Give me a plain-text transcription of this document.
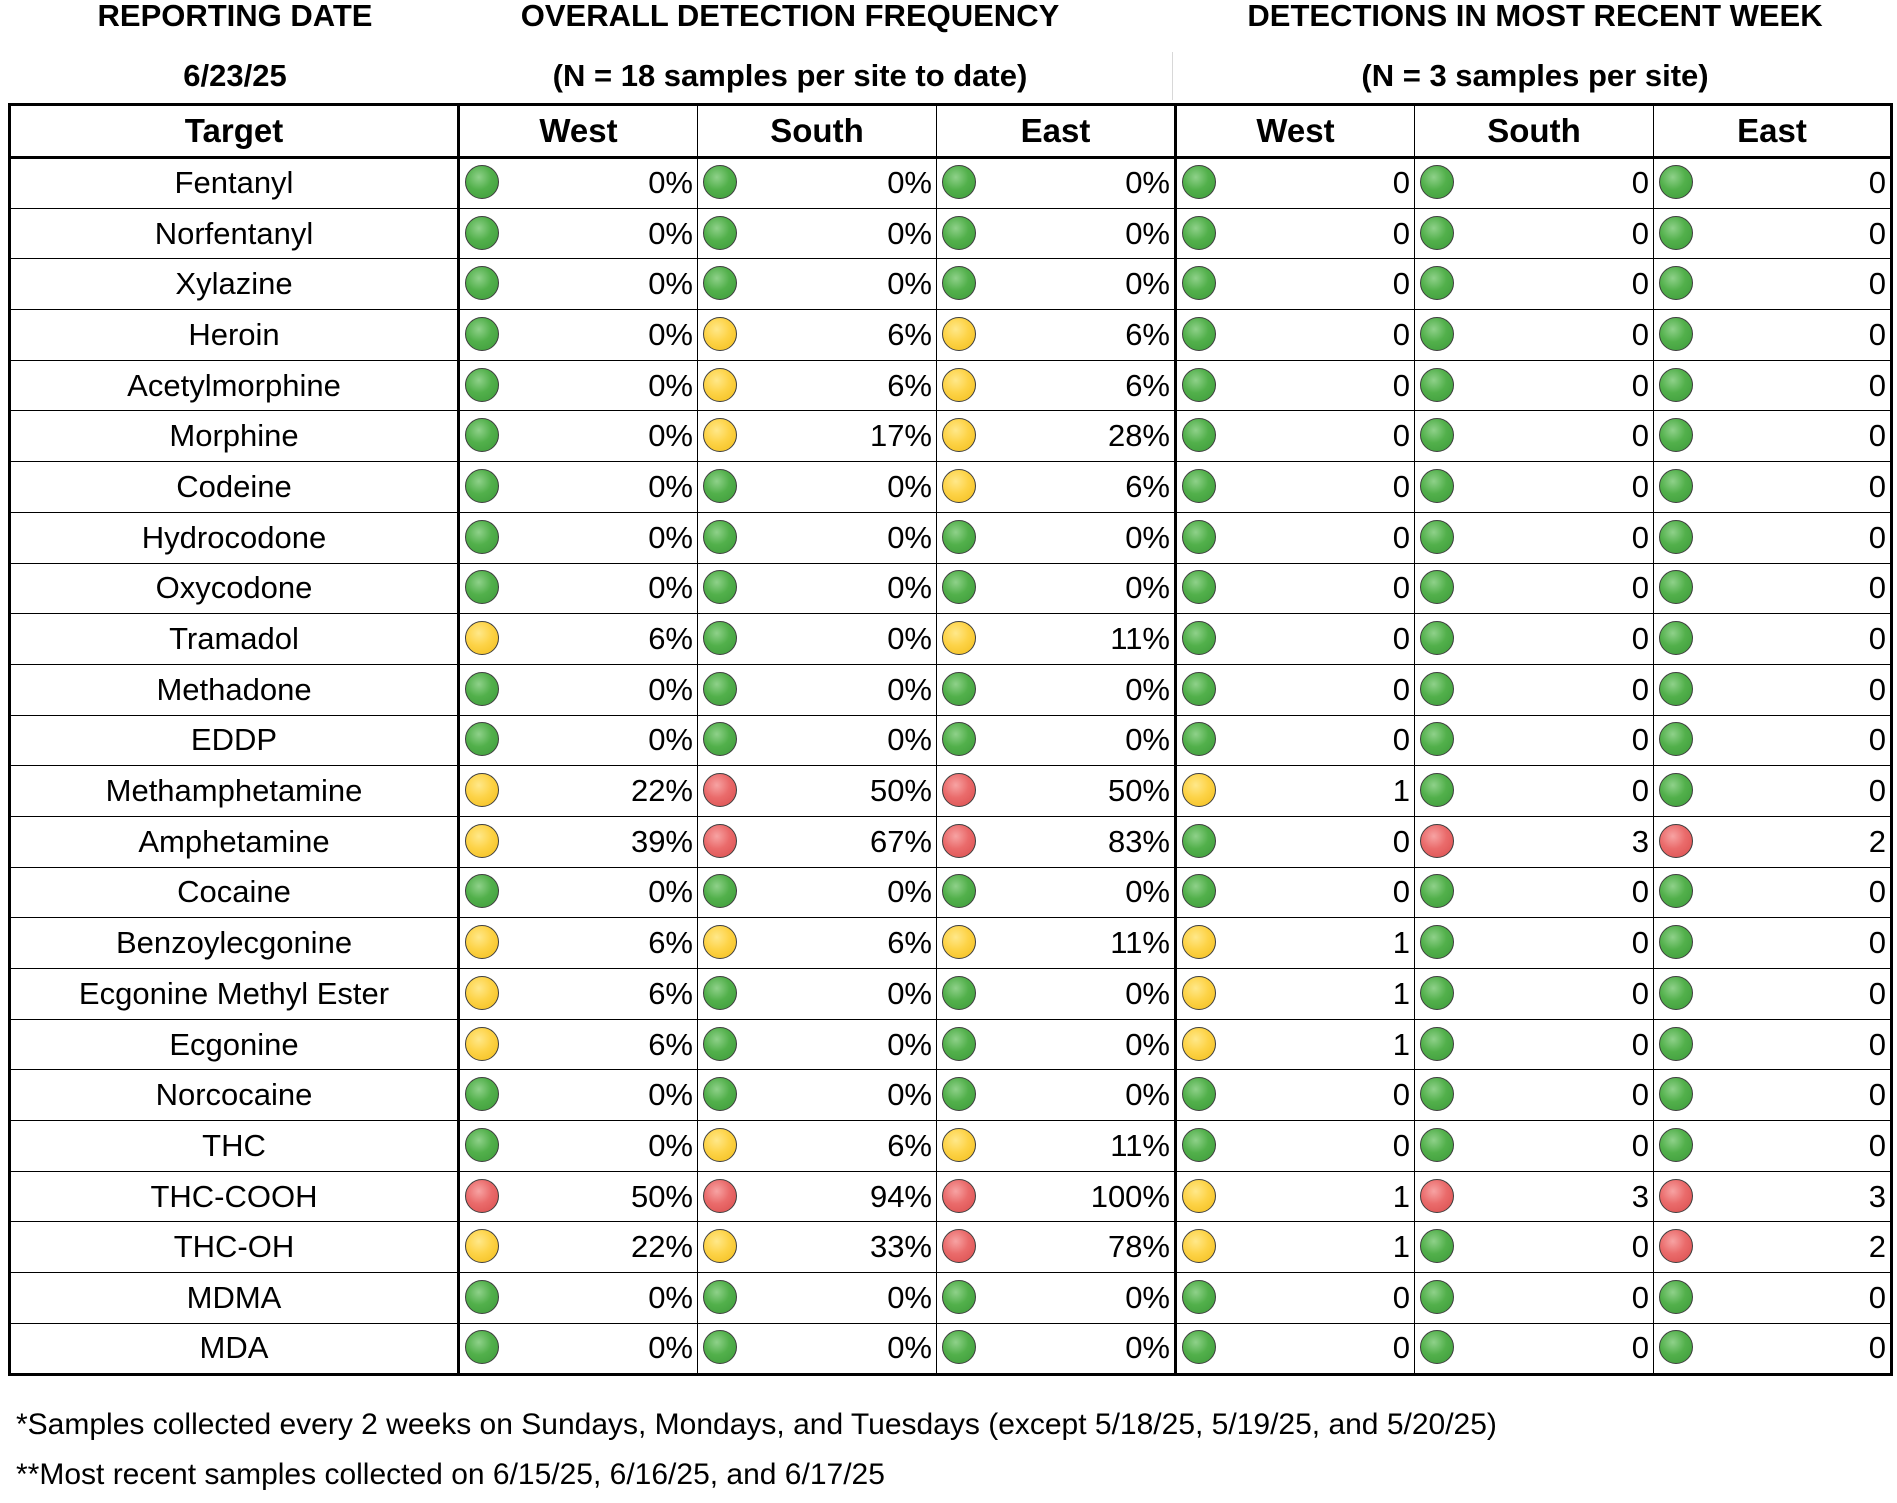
REPORTING DATE
6/23/25
OVERALL DETECTION FREQUENCY
(N = 18 samples per site to date)
DETECTIONS IN MOST RECENT WEEK
(N = 3 samples per site)
Target	West	South	East	West	South	East
Fentanyl	0%	0%	0%	0	0	0

Norfentanyl	0%	0%	0%	0	0	0

Xylazine	0%	0%	0%	0	0	0

Heroin	0%	6%	6%	0	0	0

Acetylmorphine	0%	6%	6%	0	0	0

Morphine	0%	17%	28%	0	0	0

Codeine	0%	0%	6%	0	0	0

Hydrocodone	0%	0%	0%	0	0	0

Oxycodone	0%	0%	0%	0	0	0

Tramadol	6%	0%	11%	0	0	0

Methadone	0%	0%	0%	0	0	0

EDDP	0%	0%	0%	0	0	0

Methamphetamine	22%	50%	50%	1	0	0

Amphetamine	39%	67%	83%	0	3	2

Cocaine	0%	0%	0%	0	0	0

Benzoylecgonine	6%	6%	11%	1	0	0

Ecgonine Methyl Ester	6%	0%	0%	1	0	0

Ecgonine	6%	0%	0%	1	0	0

Norcocaine	0%	0%	0%	0	0	0

THC	0%	6%	11%	0	0	0

THC-COOH	50%	94%	100%	1	3	3

THC-OH	22%	33%	78%	1	0	2

MDMA	0%	0%	0%	0	0	0

MDA	0%	0%	0%	0	0	0
*Samples collected every 2 weeks on Sundays, Mondays, and Tuesdays (except 5/18/25, 5/19/25, and 5/20/25)
**Most recent samples collected on 6/15/25, 6/16/25, and 6/17/25
